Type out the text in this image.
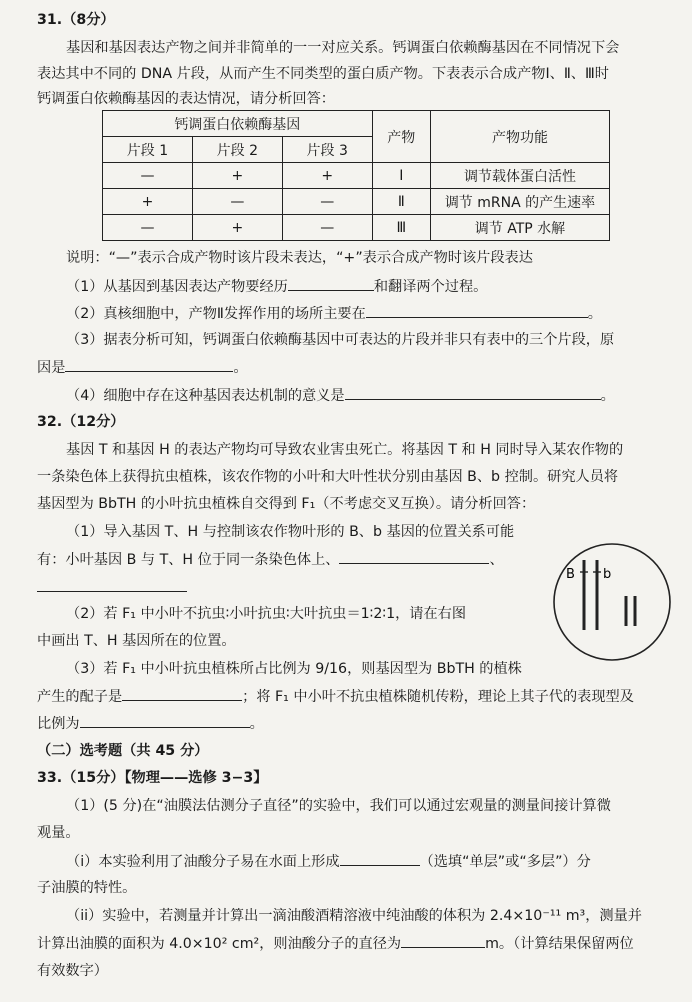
31.（8分）
基因和基因表达产物之间并非简单的一一对应关系。钙调蛋白依赖酶基因在不同情况下会
表达其中不同的 DNA 片段，从而产生不同类型的蛋白质产物。下表表示合成产物Ⅰ、Ⅱ、Ⅲ时
钙调蛋白依赖酶基因的表达情况，请分析回答：
钙调蛋白依赖酶基因			产物	产物功能
片段 1	片段 2	片段 3		
—	+	+	Ⅰ	调节载体蛋白活性
+	—	—	Ⅱ	调节 mRNA 的产生速率
—	+	—	Ⅲ	调节 ATP 水解
说明：“—”表示合成产物时该片段未表达，“+”表示合成产物时该片段表达
（1）从基因到基因表达产物要经历	和翻译两个过程。
（2）真核细胞中，产物Ⅱ发挥作用的场所主要在	。
（3）据表分析可知，钙调蛋白依赖酶基因中可表达的片段并非只有表中的三个片段，原
因是	。
（4）细胞中存在这种基因表达机制的意义是	。
32.（12分）
基因 T 和基因 H 的表达产物均可导致农业害虫死亡。将基因 T 和 H 同时导入某农作物的
一条染色体上获得抗虫植株，该农作物的小叶和大叶性状分别由基因 B、b 控制。研究人员将
基因型为 BbTH 的小叶抗虫植株自交得到 F₁（不考虑交叉互换）。请分析回答：
（1）导入基因 T、H 与控制该农作物叶形的 B、b 基因的位置关系可能
有：小叶基因 B 与 T、H 位于同一条染色体上、	、
（2）若 F₁ 中小叶不抗虫∶小叶抗虫∶大叶抗虫＝1∶2∶1，请在右图
中画出 T、H 基因所在的位置。
（3）若 F₁ 中小叶抗虫植株所占比例为 9/16，则基因型为 BbTH 的植株
产生的配子是	；将 F₁ 中小叶不抗虫植株随机传粉，理论上其子代的表现型及
比例为	。
B b
（二）选考题（共 45 分）
33.（15分）【物理——选修 3−3】
（1）(5 分)在“油膜法估测分子直径”的实验中，我们可以通过宏观量的测量间接计算微
观量。
（i）本实验利用了油酸分子易在水面上形成	（选填“单层”或“多层”）分
子油膜的特性。
（ii）实验中，若测量并计算出一滴油酸酒精溶液中纯油酸的体积为 2.4×10⁻¹¹ m³，测量并
计算出油膜的面积为 4.0×10² cm²，则油酸分子的直径为	m。（计算结果保留两位
有效数字）
